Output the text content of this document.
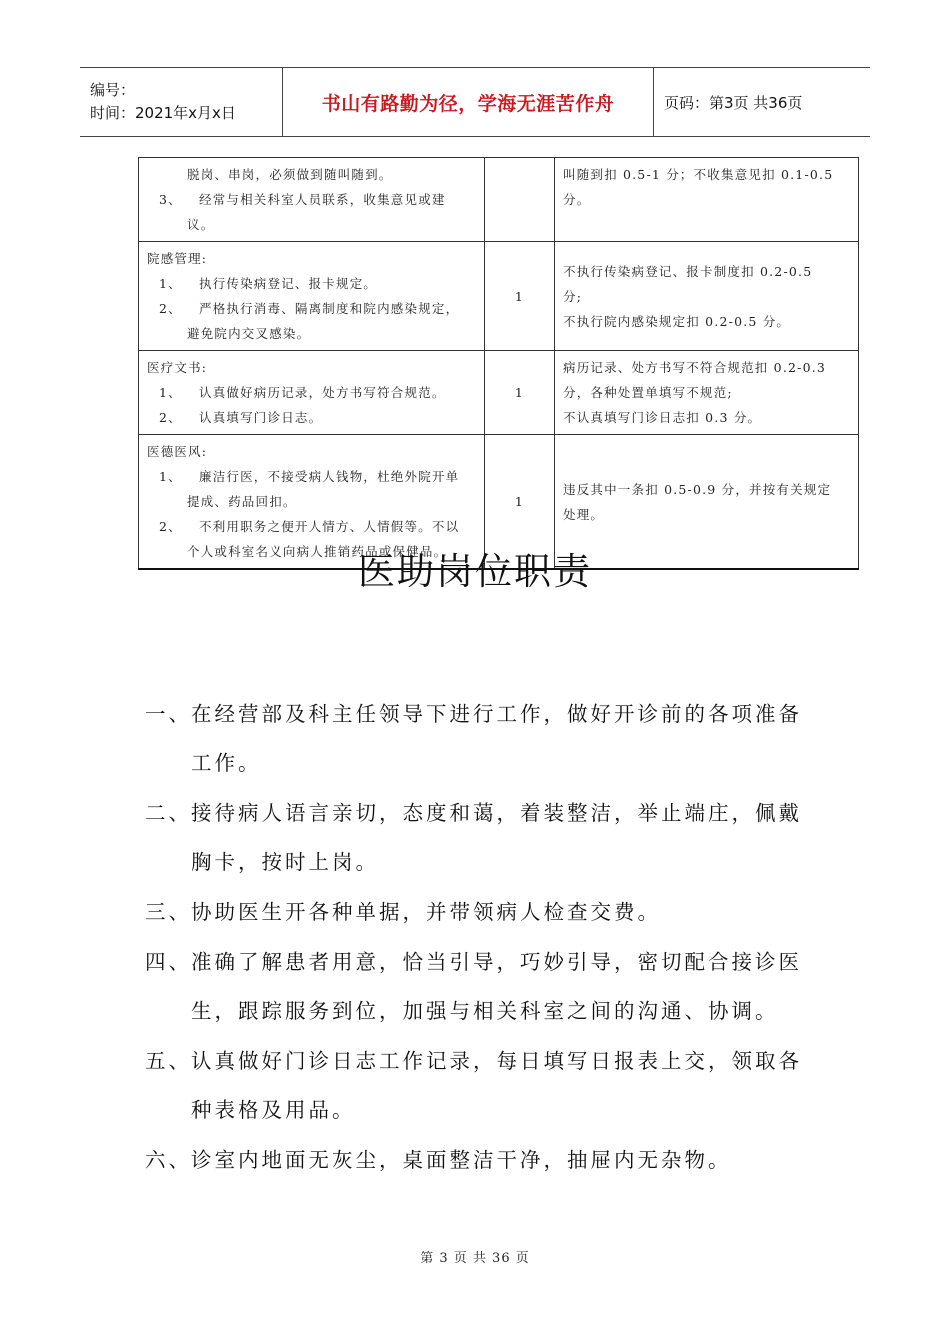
编号：
时间：2021年x月x日	书山有路勤为径，学海无涯苦作舟	页码：第3页 共36页
脱岗、串岗，必须做到随叫随到。
3、 经常与相关科室人员联系，收集意见或建
议。		叫随到扣 0.5-1 分；不收集意见扣 0.1-0.5
分。

院感管理:
1、 执行传染病登记、报卡规定。
2、 严格执行消毒、隔离制度和院内感染规定，
避免院内交叉感染。	1	不执行传染病登记、报卡制度扣 0.2-0.5
分;
不执行院内感染规定扣 0.2-0.5 分。

医疗文书:
1、 认真做好病历记录，处方书写符合规范。
2、 认真填写门诊日志。	1	病历记录、处方书写不符合规范扣 0.2-0.3
分，各种处置单填写不规范;
不认真填写门诊日志扣 0.3 分。

医德医风:
1、 廉洁行医，不接受病人钱物，杜绝外院开单
提成、药品回扣。
2、 不利用职务之便开人情方、人情假等。不以
个人或科室名义向病人推销药品或保健品。	1	违反其中一条扣 0.5-0.9 分，并按有关规定
处理。
医助岗位职责
一、 在经营部及科主任领导下进行工作，做好开诊前的各项准备工作。
二、 接待病人语言亲切，态度和蔼，着装整洁，举止端庄，佩戴胸卡，按时上岗。
三、 协助医生开各种单据，并带领病人检查交费。
四、 准确了解患者用意，恰当引导，巧妙引导，密切配合接诊医生，跟踪服务到位，加强与相关科室之间的沟通、协调。
五、 认真做好门诊日志工作记录，每日填写日报表上交，领取各种表格及用品。
六、 诊室内地面无灰尘，桌面整洁干净，抽屉内无杂物。
第 3 页 共 36 页
